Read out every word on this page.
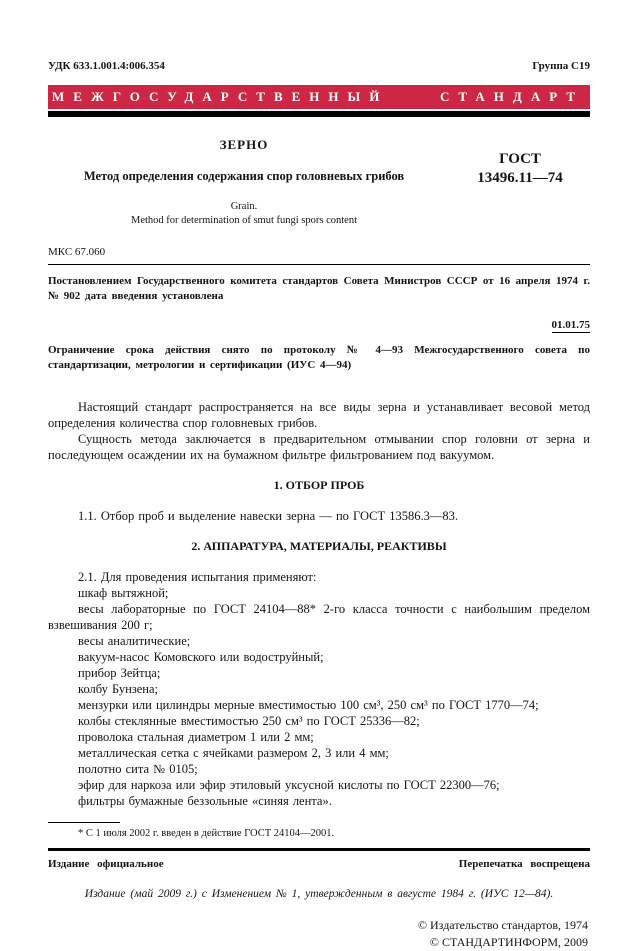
УДК 633.1.001.4:006.354	Группа С19
МЕЖГОСУДАРСТВЕННЫЙ	СТАНДАРТ
ЗЕРНО
Метод определения содержания спор головневых грибов
Grain.
Method for determination of smut fungi spors content
ГОСТ
13496.11—74
МКС 67.060
Постановлением Государственного комитета стандартов Совета Министров СССР от 16 апреля 1974 г. № 902 дата введения установлена
01.01.75
Ограничение срока действия снято по протоколу № 4—93 Межгосударственного совета по стандартизации, метрологии и сертификации (ИУС 4—94)

Настоящий стандарт распространяется на все виды зерна и устанавливает весовой метод определения количества спор головневых грибов.

Сущность метода заключается в предварительном отмывании спор головни от зерна и последующем осаждении их на бумажном фильтре фильтрованием под вакуумом.

1. ОТБОР ПРОБ

1.1. Отбор проб и выделение навески зерна — по ГОСТ 13586.3—83.

2. АППАРАТУРА, МАТЕРИАЛЫ, РЕАКТИВЫ

2.1. Для проведения испытания применяют:

шкаф вытяжной;

весы лабораторные по ГОСТ 24104—88* 2-го класса точности с наибольшим пределом взвешивания 200 г;

весы аналитические;

вакуум-насос Комовского или водоструйный;

прибор Зейтца;

колбу Бунзена;

мензурки или цилиндры мерные вместимостью 100 см³, 250 см³ по ГОСТ 1770—74;

колбы стеклянные вместимостью 250 см³ по ГОСТ 25336—82;

проволока стальная диаметром 1 или 2 мм;

металлическая сетка с ячейками размером 2, 3 или 4 мм;

полотно сита № 0105;

эфир для наркоза или эфир этиловый уксусной кислоты по ГОСТ 22300—76;

фильтры бумажные беззольные «синяя лента».

* С 1 июля 2002 г. введен в действие ГОСТ 24104—2001.
Издание официальное	Перепечатка воспрещена
Издание (май 2009 г.) с Изменением № 1, утвержденным в августе 1984 г. (ИУС 12—84).
© Издательство стандартов, 1974
© СТАНДАРТИНФОРМ, 2009
